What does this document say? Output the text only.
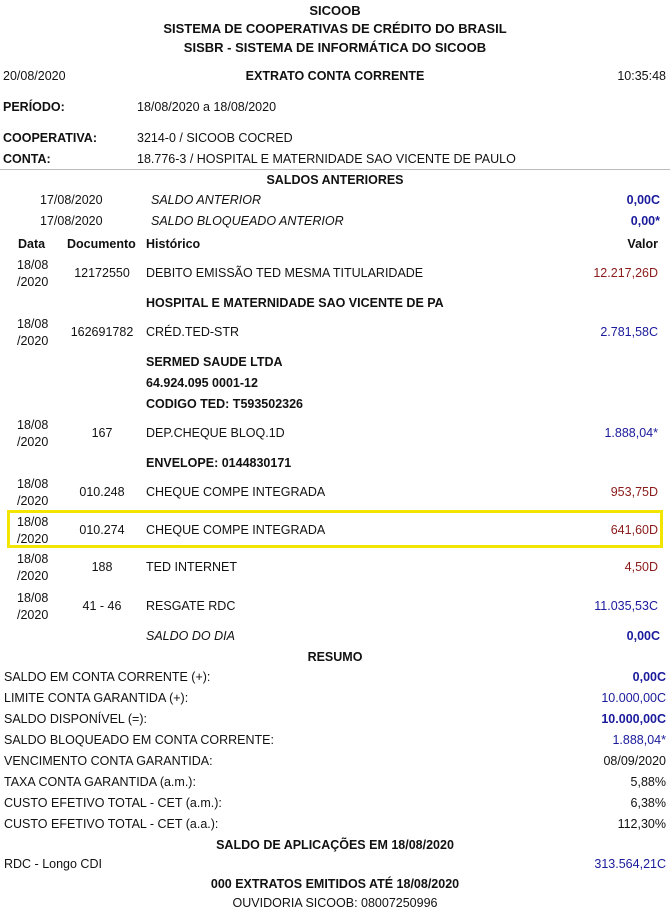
SICOOB
SISTEMA DE COOPERATIVAS DE CRÉDITO DO BRASIL
SISBR - SISTEMA DE INFORMÁTICA DO SICOOB
20/08/2020	EXTRATO CONTA CORRENTE	10:35:48
PERÍODO:	18/08/2020 a 18/08/2020
COOPERATIVA:	3214-0 / SICOOB COCRED
CONTA:	18.776-3 / HOSPITAL E MATERNIDADE SAO VICENTE DE PAULO
SALDOS ANTERIORES
17/08/2020	SALDO ANTERIOR	0,00C
17/08/2020	SALDO BLOQUEADO ANTERIOR	0,00*
Data Documento Histórico	Valor
18/08
/2020
12172550	DEBITO EMISSÃO TED MESMA TITULARIDADE	12.217,26D
HOSPITAL E MATERNIDADE SAO VICENTE DE PA
18/08
/2020
162691782	CRÉD.TED-STR	2.781,58C
SERMED SAUDE LTDA
64.924.095 0001-12
CODIGO TED: T593502326
18/08
/2020
167	DEP.CHEQUE BLOQ.1D	1.888,04*
ENVELOPE: 0144830171
18/08
/2020
010.248	CHEQUE COMPE INTEGRADA	953,75D
18/08
/2020
010.274	CHEQUE COMPE INTEGRADA	641,60D
18/08
/2020
188	TED INTERNET	4,50D
18/08
/2020
41 - 46	RESGATE RDC	11.035,53C
SALDO DO DIA	0,00C
RESUMO
SALDO EM CONTA CORRENTE (+):	0,00C
LIMITE CONTA GARANTIDA (+):	10.000,00C
SALDO DISPONÍVEL (=):	10.000,00C
SALDO BLOQUEADO EM CONTA CORRENTE:	1.888,04*
VENCIMENTO CONTA GARANTIDA:	08/09/2020
TAXA CONTA GARANTIDA (a.m.):	5,88%
CUSTO EFETIVO TOTAL - CET (a.m.):	6,38%
CUSTO EFETIVO TOTAL - CET (a.a.):	112,30%
SALDO DE APLICAÇÕES EM 18/08/2020
RDC - Longo CDI	313.564,21C
000 EXTRATOS EMITIDOS ATÉ 18/08/2020
OUVIDORIA SICOOB: 08007250996
